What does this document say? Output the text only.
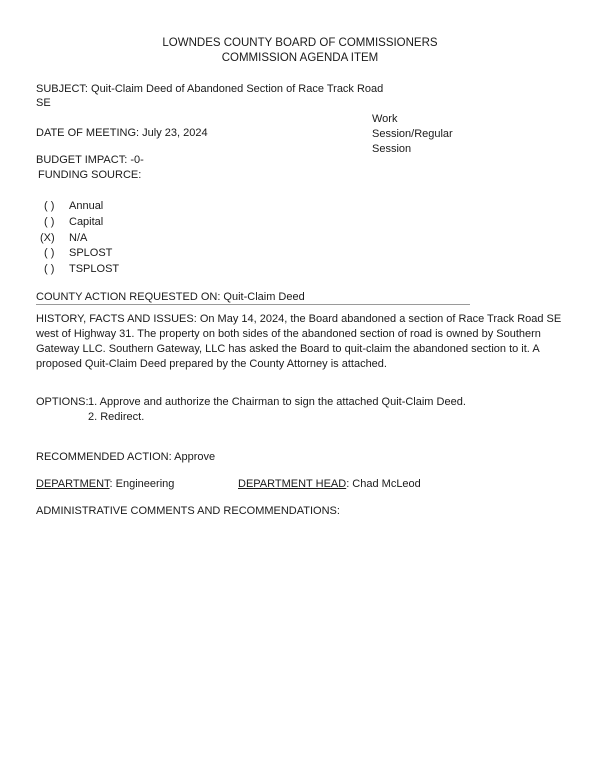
LOWNDES COUNTY BOARD OF COMMISSIONERS
COMMISSION AGENDA ITEM
SUBJECT: Quit-Claim Deed of Abandoned Section of Race Track Road
SE
DATE OF MEETING: July 23, 2024
Work
Session/Regular
Session
BUDGET IMPACT: -0-
FUNDING SOURCE:
( ) Annual
( ) Capital
(X) N/A
( ) SPLOST
( ) TSPLOST
COUNTY ACTION REQUESTED ON: Quit-Claim Deed
HISTORY, FACTS AND ISSUES: On May 14, 2024, the Board abandoned a section of Race Track Road SE west of Highway 31. The property on both sides of the abandoned section of road is owned by Southern Gateway LLC. Southern Gateway, LLC has asked the Board to quit-claim the abandoned section to it. A proposed Quit-Claim Deed prepared by the County Attorney is attached.
OPTIONS: 1. Approve and authorize the Chairman to sign the attached Quit-Claim Deed.
2. Redirect.
RECOMMENDED ACTION: Approve
DEPARTMENT: Engineering	DEPARTMENT HEAD: Chad McLeod
ADMINISTRATIVE COMMENTS AND RECOMMENDATIONS:
